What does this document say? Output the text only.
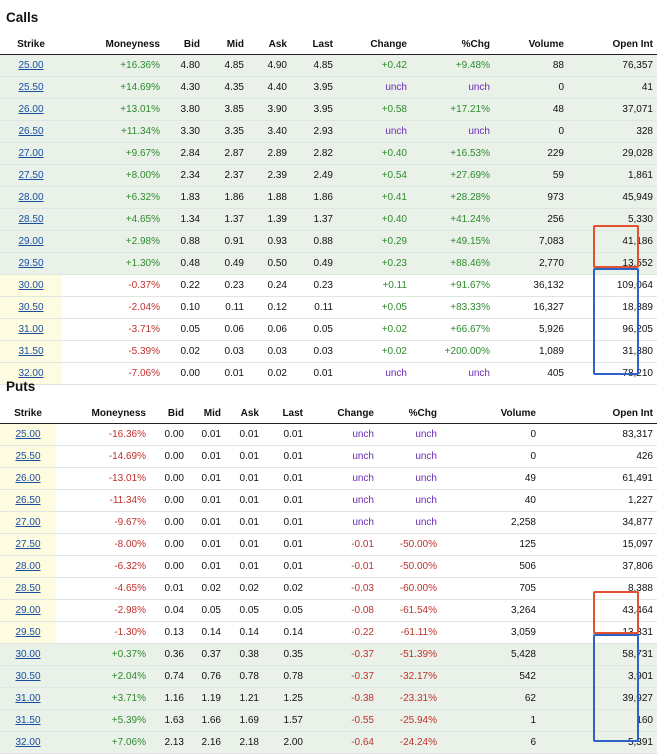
Calls
Strike	Moneyness	Bid	Mid	Ask	Last	Change	%Chg	Volume	Open Int
25.00	+16.36%	4.80	4.85	4.90	4.85	+0.42	+9.48%	88	76,357
25.50	+14.69%	4.30	4.35	4.40	3.95	unch	unch	0	41
26.00	+13.01%	3.80	3.85	3.90	3.95	+0.58	+17.21%	48	37,071
26.50	+11.34%	3.30	3.35	3.40	2.93	unch	unch	0	328
27.00	+9.67%	2.84	2.87	2.89	2.82	+0.40	+16.53%	229	29,028
27.50	+8.00%	2.34	2.37	2.39	2.49	+0.54	+27.69%	59	1,861
28.00	+6.32%	1.83	1.86	1.88	1.86	+0.41	+28.28%	973	45,949
28.50	+4.65%	1.34	1.37	1.39	1.37	+0.40	+41.24%	256	5,330
29.00	+2.98%	0.88	0.91	0.93	0.88	+0.29	+49.15%	7,083	41,186
29.50	+1.30%	0.48	0.49	0.50	0.49	+0.23	+88.46%	2,770	13,552
30.00	-0.37%	0.22	0.23	0.24	0.23	+0.11	+91.67%	36,132	109,064
30.50	-2.04%	0.10	0.11	0.12	0.11	+0.05	+83.33%	16,327	18,389
31.00	-3.71%	0.05	0.06	0.06	0.05	+0.02	+66.67%	5,926	96,205
31.50	-5.39%	0.02	0.03	0.03	0.03	+0.02	+200.00%	1,089	31,380
32.00	-7.06%	0.00	0.01	0.02	0.01	unch	unch	405	78,210
Puts
Strike	Moneyness	Bid	Mid	Ask	Last	Change	%Chg	Volume	Open Int
25.00	-16.36%	0.00	0.01	0.01	0.01	unch	unch	0	83,317
25.50	-14.69%	0.00	0.01	0.01	0.01	unch	unch	0	426
26.00	-13.01%	0.00	0.01	0.01	0.01	unch	unch	49	61,491
26.50	-11.34%	0.00	0.01	0.01	0.01	unch	unch	40	1,227
27.00	-9.67%	0.00	0.01	0.01	0.01	unch	unch	2,258	34,877
27.50	-8.00%	0.00	0.01	0.01	0.01	-0.01	-50.00%	125	15,097
28.00	-6.32%	0.00	0.01	0.01	0.01	-0.01	-50.00%	506	37,806
28.50	-4.65%	0.01	0.02	0.02	0.02	-0.03	-60.00%	705	8,388
29.00	-2.98%	0.04	0.05	0.05	0.05	-0.08	-61.54%	3,264	43,464
29.50	-1.30%	0.13	0.14	0.14	0.14	-0.22	-61.11%	3,059	13,331
30.00	+0.37%	0.36	0.37	0.38	0.35	-0.37	-51.39%	5,428	58,731
30.50	+2.04%	0.74	0.76	0.78	0.78	-0.37	-32.17%	542	3,901
31.00	+3.71%	1.16	1.19	1.21	1.25	-0.38	-23.31%	62	39,927
31.50	+5.39%	1.63	1.66	1.69	1.57	-0.55	-25.94%	1	160
32.00	+7.06%	2.13	2.16	2.18	2.00	-0.64	-24.24%	6	5,391
